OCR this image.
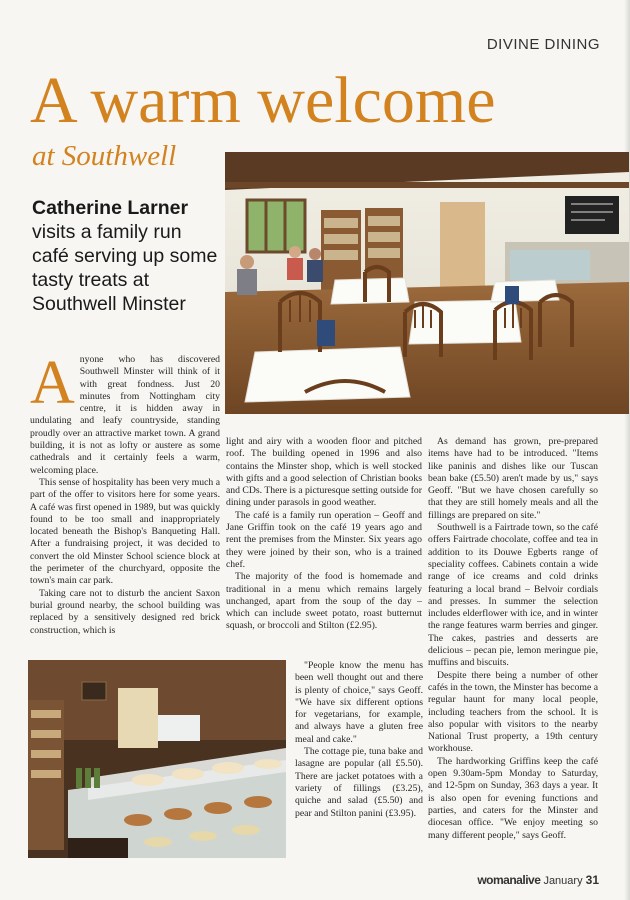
DIVINE DINING
A warm welcome
at Southwell

Catherine Larner visits a family run café serving up some tasty treats at Southwell Minster

Anyone who has discovered Southwell Minster will think of it with great fondness. Just 20 minutes from Nottingham city centre, it is hidden away in undulating and leafy countryside, standing proudly over an attractive market town. A grand building, it is not as lofty or austere as some cathedrals and it certainly feels a warm, welcoming place.

This sense of hospitality has been very much a part of the offer to visitors here for some years. A café was first opened in 1989, but was quickly found to be too small and inappropriately located beneath the Bishop's Banqueting Hall. After a fundraising project, it was decided to convert the old Minster School science block at the perimeter of the churchyard, opposite the town's main car park.

Taking care not to disturb the ancient Saxon burial ground nearby, the school building was replaced by a sensitively designed red brick construction, which is

light and airy with a wooden floor and pitched roof. The building opened in 1996 and also contains the Minster shop, which is well stocked with gifts and a good selection of Christian books and CDs. There is a picturesque setting outside for dining under parasols in good weather.

The café is a family run operation – Geoff and Jane Griffin took on the café 19 years ago and rent the premises from the Minster. Six years ago they were joined by their son, who is a trained chef.

The majority of the food is homemade and traditional in a menu which remains largely unchanged, apart from the soup of the day – which can include sweet potato, roast butternut squash, or broccoli and Stilton (£2.95).

"People know the menu has been well thought out and there is plenty of choice," says Geoff. "We have six different options for vegetarians, for example, and always have a gluten free meal and cake."

The cottage pie, tuna bake and lasagne are popular (all £5.50). There are jacket potatoes with a variety of fillings (£3.25), quiche and salad (£5.50) and pear and Stilton panini (£3.95).

As demand has grown, pre-prepared items have had to be introduced. "Items like paninis and dishes like our Tuscan bean bake (£5.50) aren't made by us," says Geoff. "But we have chosen carefully so that they are still homely meals and all the fillings are prepared on site."

Southwell is a Fairtrade town, so the café offers Fairtrade chocolate, coffee and tea in addition to its Douwe Egberts range of speciality coffees. Cabinets contain a wide range of ice creams and cold drinks featuring a local brand – Belvoir cordials and presses. In summer the selection includes elderflower with ice, and in winter the range features warm berries and ginger. The cakes, pastries and desserts are delicious – pecan pie, lemon meringue pie, muffins and biscuits.

Despite there being a number of other cafés in the town, the Minster has become a regular haunt for many local people, including teachers from the school. It is also popular with visitors to the nearby National Trust property, a 19th century workhouse.

The hardworking Griffins keep the café open 9.30am-5pm Monday to Saturday, and 12-5pm on Sunday, 363 days a year. It is also open for evening functions and parties, and caters for the Minster and diocesan office. "We enjoy meeting so many different people," says Geoff.

womanalive January 31
